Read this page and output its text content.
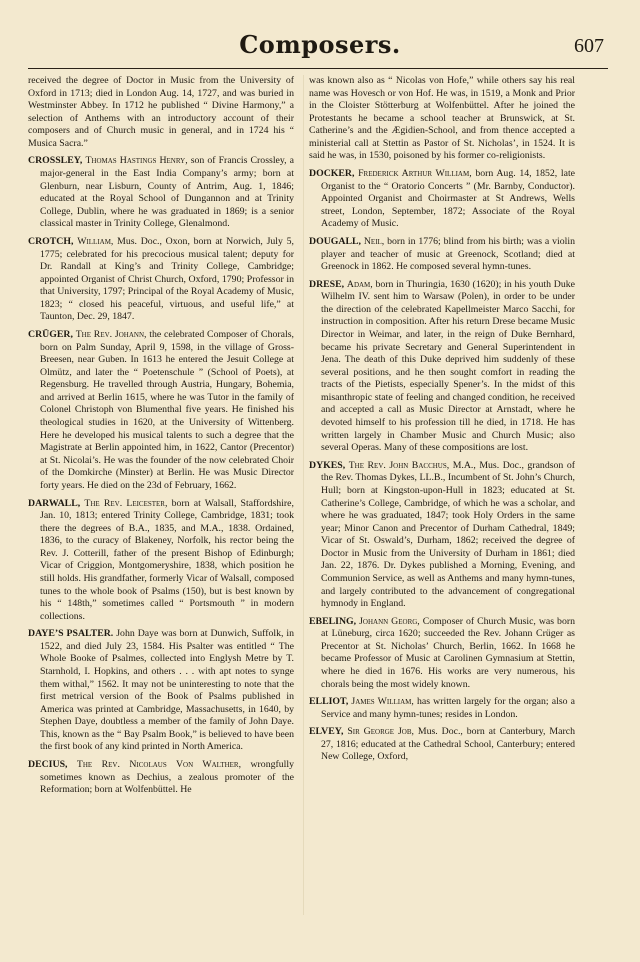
Composers.	607

received the degree of Doctor in Music from the University of Oxford in 1713; died in London Aug. 14, 1727, and was buried in Westminster Abbey. In 1712 he published “ Divine Harmony,” a selection of Anthems with an introductory account of their composers and of Church music in general, and in 1724 his “ Musica Sacra.”

CROSSLEY, Thomas Hastings Henry, son of Francis Crossley, a major-general in the East India Company’s army; born at Glenburn, near Lisburn, County of Antrim, Aug. 1, 1846; educated at the Royal School of Dungannon and at Trinity College, Dublin, where he was graduated in 1869; is a senior classical master in Trinity College, Glenalmond.

CROTCH, William, Mus. Doc., Oxon, born at Norwich, July 5, 1775; celebrated for his precocious musical talent; deputy for Dr. Randall at King’s and Trinity College, Cambridge; appointed Organist of Christ Church, Oxford, 1790; Professor in that University, 1797; Principal of the Royal Academy of Music, 1823; “ closed his peaceful, virtuous, and useful life,” at Taunton, Dec. 29, 1847.

CRÜGER, The Rev. Johann, the celebrated Composer of Chorals, born on Palm Sunday, April 9, 1598, in the village of Gross-Breesen, near Guben. In 1613 he entered the Jesuit College at Olmütz, and later the “ Poetenschule ” (School of Poets), at Regensburg. He travelled through Austria, Hungary, Bohemia, and arrived at Berlin 1615, where he was Tutor in the family of Colonel Christoph von Blumenthal five years. He finished his theological studies in 1620, at the University of Wittenberg. Here he developed his musical talents to such a degree that the Magistrate at Berlin appointed him, in 1622, Cantor (Precentor) at St. Nicolai’s. He was the founder of the now celebrated Choir of the Domkirche (Minster) at Berlin. He was Music Director forty years. He died on the 23d of February, 1662.

DARWALL, The Rev. Leicester, born at Walsall, Staffordshire, Jan. 10, 1813; entered Trinity College, Cambridge, 1831; took there the degrees of B.A., 1835, and M.A., 1838. Ordained, 1836, to the curacy of Blakeney, Norfolk, his rector being the Rev. J. Cotterill, father of the present Bishop of Edinburgh; Vicar of Criggion, Montgomeryshire, 1838, which position he still holds. His grandfather, formerly Vicar of Walsall, composed tunes to the whole book of Psalms (150), but is best known by his “ 148th,” sometimes called “ Portsmouth ” in modern collections.

DAYE’S PSALTER. John Daye was born at Dunwich, Suffolk, in 1522, and died July 23, 1584. His Psalter was entitled “ The Whole Booke of Psalmes, collected into Englysh Metre by T. Starnhold, I. Hopkins, and others . . . with apt notes to synge them withal,” 1562. It may not be uninteresting to note that the first metrical version of the Book of Psalms published in America was printed at Cambridge, Massachusetts, in 1640, by Stephen Daye, doubtless a member of the family of John Daye. This, known as the “ Bay Psalm Book,” is believed to have been the first book of any kind printed in North America.

DECIUS, The Rev. Nicolaus Von Walther, wrongfully sometimes known as Dechius, a zealous promoter of the Reformation; born at Wolfenbüttel. He

was known also as “ Nicolas von Hofe,” while others say his real name was Hovesch or von Hof. He was, in 1519, a Monk and Prior in the Cloister Stötterburg at Wolfenbüttel. After he joined the Protestants he became a school teacher at Brunswick, at St. Catherine’s and the Ægidien-School, and from thence accepted a ministerial call at Stettin as Pastor of St. Nicholas’, in 1524. It is said he was, in 1530, poisoned by his former co-religionists.

DOCKER, Frederick Arthur William, born Aug. 14, 1852, late Organist to the “ Oratorio Concerts ” (Mr. Barnby, Conductor). Appointed Organist and Choirmaster at St Andrews, Wells street, London, September, 1872; Associate of the Royal Academy of Music.

DOUGALL, Neil, born in 1776; blind from his birth; was a violin player and teacher of music at Greenock, Scotland; died at Greenock in 1862. He composed several hymn-tunes.

DRESE, Adam, born in Thuringia, 1630 (1620); in his youth Duke Wilhelm IV. sent him to Warsaw (Polen), in order to be under the direction of the celebrated Kapellmeister Marco Sacchi, for instruction in composition. After his return Drese became Music Director in Weimar, and later, in the reign of Duke Bernhard, became his private Secretary and General Superintendent in Jena. The death of this Duke deprived him suddenly of these several positions, and he then sought comfort in reading the tracts of the Pietists, especially Spener’s. In the midst of this misanthropic state of feeling and changed condition, he received and accepted a call as Music Director at Arnstadt, where he devoted himself to his profession till he died, in 1718. He has written largely in Chamber Music and Church Music; also several Operas. Many of these compositions are lost.

DYKES, The Rev. John Bacchus, M.A., Mus. Doc., grandson of the Rev. Thomas Dykes, LL.B., Incumbent of St. John’s Church, Hull; born at Kingston-upon-Hull in 1823; educated at St. Catherine’s College, Cambridge, of which he was a scholar, and where he was graduated, 1847; took Holy Orders in the same year; Minor Canon and Precentor of Durham Cathedral, 1849; Vicar of St. Oswald’s, Durham, 1862; received the degree of Doctor in Music from the University of Durham in 1861; died Jan. 22, 1876. Dr. Dykes published a Morning, Evening, and Communion Service, as well as Anthems and many hymn-tunes, and largely contributed to the advancement of congregational hymnody in England.

EBELING, Johann Georg, Composer of Church Music, was born at Lüneburg, circa 1620; succeeded the Rev. Johann Crüger as Precentor at St. Nicholas’ Church, Berlin, 1662. In 1668 he became Professor of Music at Carolinen Gymnasium at Stettin, where he died in 1676. His works are very numerous, his chorals being the most widely known.

ELLIOT, James William, has written largely for the organ; also a Service and many hymn-tunes; resides in London.

ELVEY, Sir George Job, Mus. Doc., born at Canterbury, March 27, 1816; educated at the Cathedral School, Canterbury; entered New College, Oxford,
